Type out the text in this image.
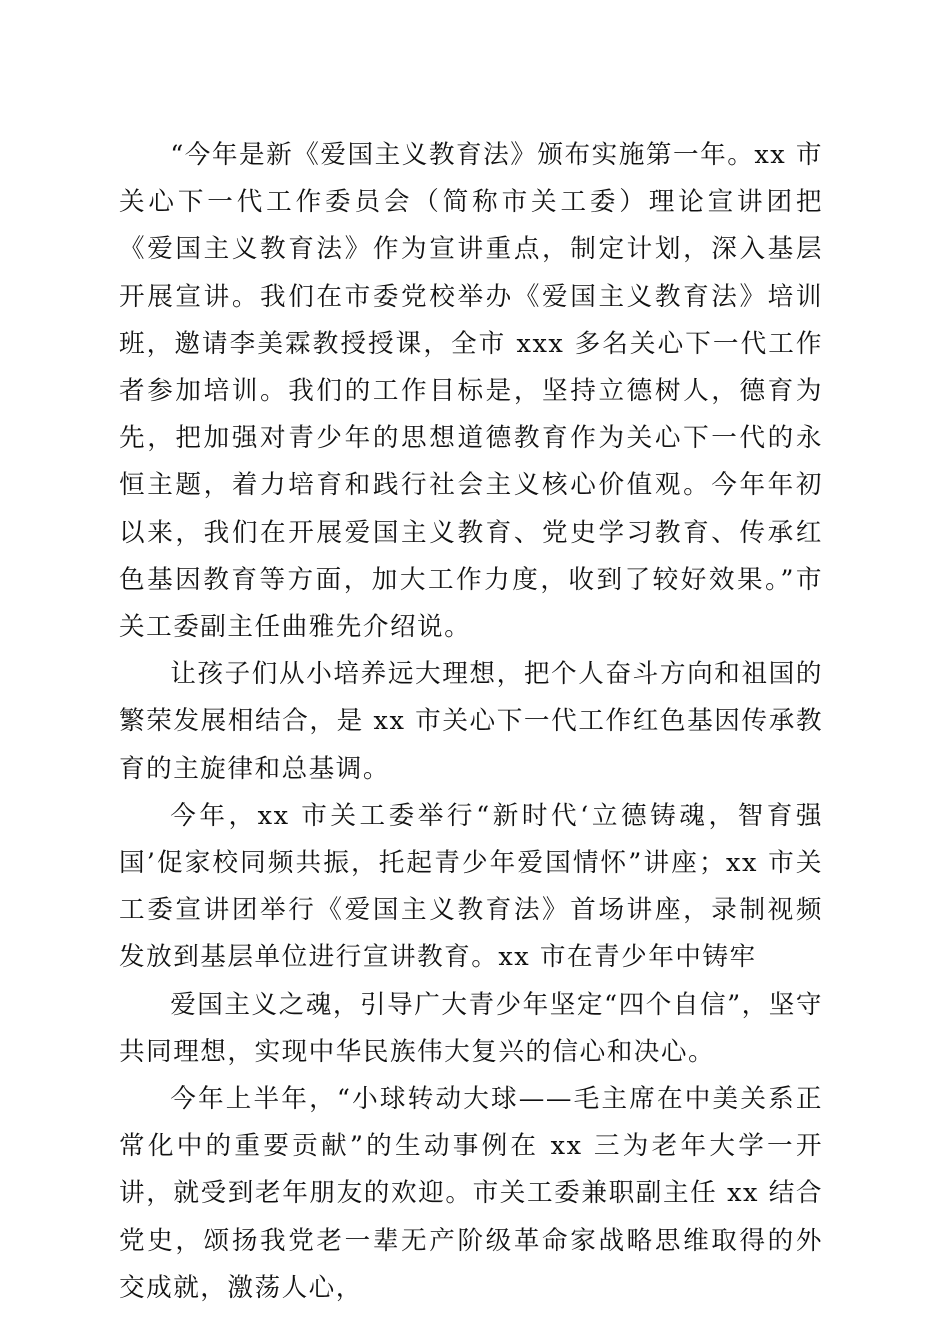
“今年是新《爱国主义教育法》颁布实施第一年。xx 市关心下一代工作委员会（简称市关工委）理论宣讲团把《爱国主义教育法》作为宣讲重点，制定计划，深入基层开展宣讲。我们在市委党校举办《爱国主义教育法》培训班，邀请李美霖教授授课，全市 xxx 多名关心下一代工作者参加培训。我们的工作目标是，坚持立德树人，德育为先，把加强对青少年的思想道德教育作为关心下一代的永恒主题，着力培育和践行社会主义核心价值观。今年年初以来，我们在开展爱国主义教育、党史学习教育、传承红色基因教育等方面，加大工作力度，收到了较好效果。”市关工委副主任曲雅先介绍说。

让孩子们从小培养远大理想，把个人奋斗方向和祖国的繁荣发展相结合，是 xx 市关心下一代工作红色基因传承教育的主旋律和总基调。

今年，xx 市关工委举行“新时代‘立德铸魂，智育强国’促家校同频共振，托起青少年爱国情怀”讲座；xx 市关工委宣讲团举行《爱国主义教育法》首场讲座，录制视频发放到基层单位进行宣讲教育。xx 市在青少年中铸牢

爱国主义之魂，引导广大青少年坚定“四个自信”，坚守共同理想，实现中华民族伟大复兴的信心和决心。

今年上半年，“小球转动大球——毛主席在中美关系正常化中的重要贡献”的生动事例在 xx 三为老年大学一开讲，就受到老年朋友的欢迎。市关工委兼职副主任 xx 结合党史，颂扬我党老一辈无产阶级革命家战略思维取得的外交成就，激荡人心，
